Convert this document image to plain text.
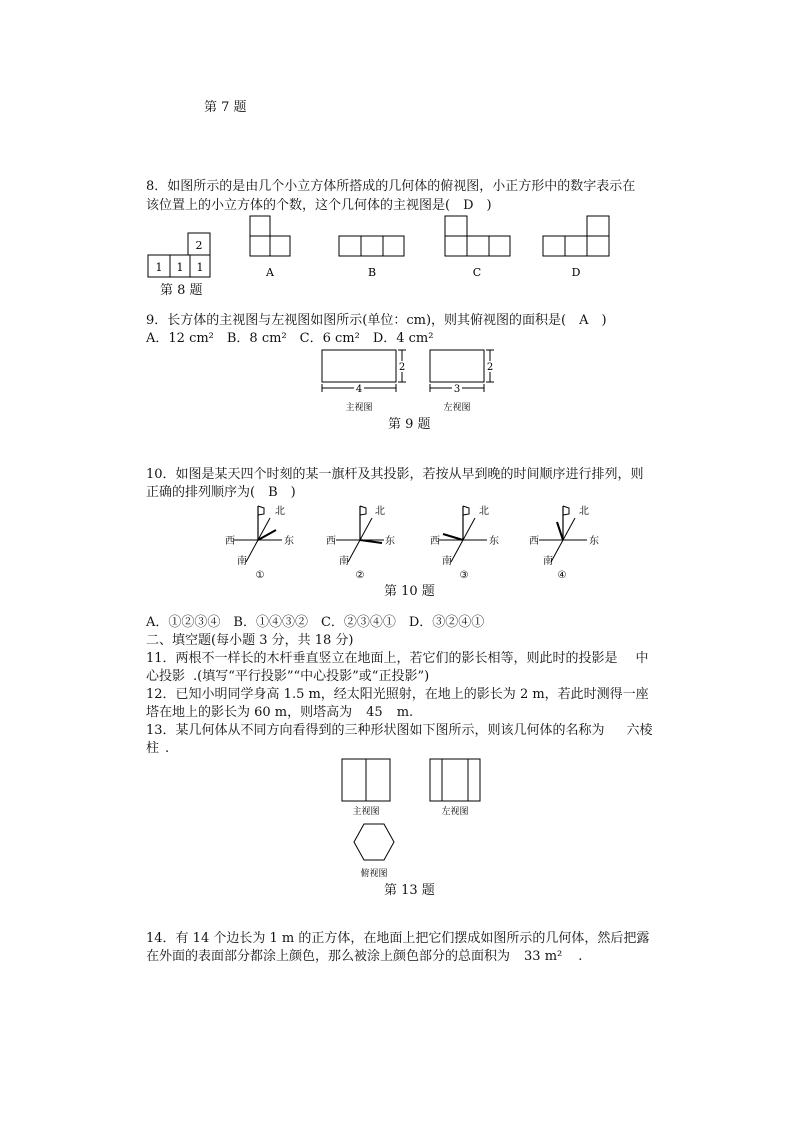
第 7 题
8．如图所示的是由几个小立方体所搭成的几何体的俯视图，小正方形中的数字表示在
该位置上的小立方体的个数，这个几何体的主视图是(　D　)
2
1 1 1	A	B	C	D
第 8 题
9．长方体的主视图与左视图如图所示(单位：cm)，则其俯视图的面积是(　A　)
A．12 cm²　B．8 cm²　C．6 cm²　D．4 cm²
4	3
2	2
主视图	左视图
第 9 题
10．如图是某天四个时刻的某一旗杆及其投影，若按从早到晚的时间顺序进行排列，则
正确的排列顺序为(　B　)
北
西	东
南
①
北
西	东
南
②
北
西	东
南
③
北
西	东
南
④
第 10 题
A．①②③④　B．①④③②　C．②③④①　D．③②④①
二、填空题(每小题 3 分，共 18 分)
11．两根不一样长的木杆垂直竖立在地面上，若它们的影长相等，则此时的投影是 中
心投影 .(填写“平行投影”“中心投影”或“正投影”)
12．已知小明同学身高 1.5 m，经太阳光照射，在地上的影长为 2 m，若此时测得一座
塔在地上的影长为 60 m，则塔高为 45 m.
13．某几何体从不同方向看得到的三种形状图如下图所示，则该几何体的名称为 六棱
柱 .
主视图	左视图
俯视图
第 13 题
14．有 14 个边长为 1 m 的正方体，在地面上把它们摆成如图所示的几何体，然后把露
在外面的表面部分都涂上颜色，那么被涂上颜色部分的总面积为 33 m² .
